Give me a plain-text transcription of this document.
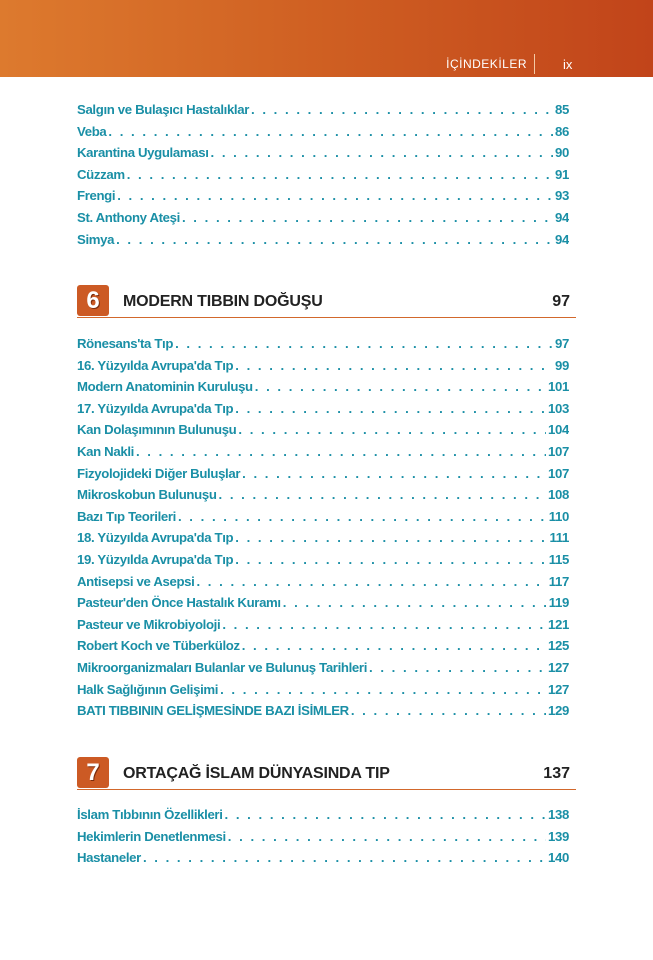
İÇİNDEKİLER	ix
Salgın ve Bulaşıcı Hastalıklar . . .	85
Veba . . .	86
Karantina Uygulaması . . .	90
Cüzzam . . .	91
Frengi . . .	93
St. Anthony Ateşi . . .	94
Simya . . .	94
6	MODERN TIBBIN DOĞUŞU	97
Rönesans'ta Tıp . . .	97
16. Yüzyılda Avrupa'da Tıp . . .	99
Modern Anatominin Kuruluşu . . .	101
17. Yüzyılda Avrupa'da Tıp . . .	103
Kan Dolaşımının Bulunuşu . . .	104
Kan Nakli . . .	107
Fizyolojideki Diğer Buluşlar . . .	107
Mikroskobun Bulunuşu . . .	108
Bazı Tıp Teorileri . . .	110
18. Yüzyılda Avrupa'da Tıp . . .	111
19. Yüzyılda Avrupa'da Tıp . . .	115
Antisepsi ve Asepsi . . .	117
Pasteur'den Önce Hastalık Kuramı . . .	119
Pasteur ve Mikrobiyoloji . . .	121
Robert Koch ve Tüberküloz . . .	125
Mikroorganizmaları Bulanlar ve Bulunuş Tarihleri . . .	127
Halk Sağlığının Gelişimi . . .	127
BATI TIBBININ GELİŞMESİNDE BAZI İSİMLER . . .	129
7	ORTAÇAĞ İSLAM DÜNYASINDA TIP	137
İslam Tıbbının Özellikleri . . .	138
Hekimlerin Denetlenmesi . . .	139
Hastaneler . . .	140
